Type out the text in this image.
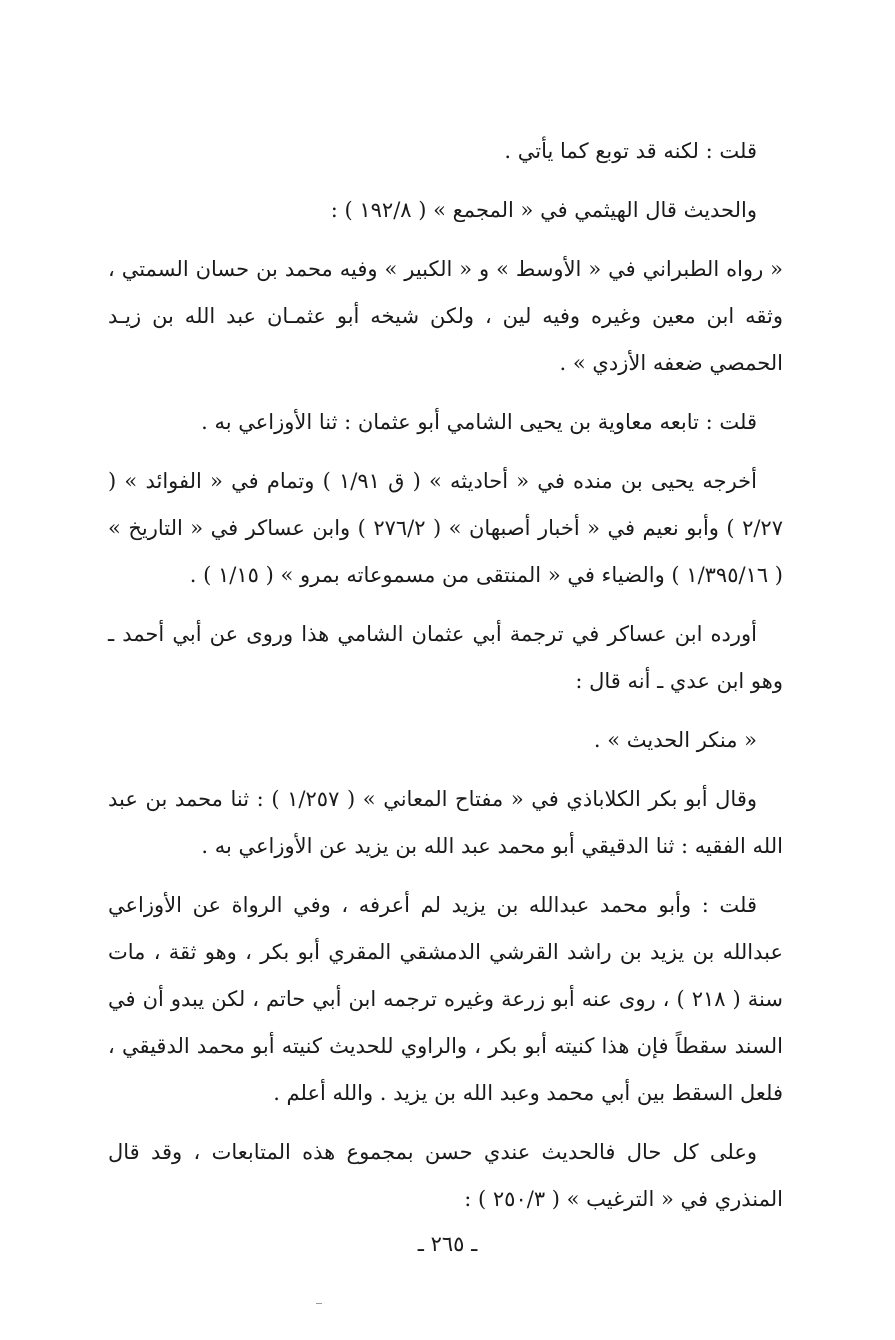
قلت : لكنه قد توبع كما يأتي .

والحديث قال الهيثمي في « المجمع » ( ١٩٢/٨ ) :

« رواه الطبراني في « الأوسط » و « الكبير » وفيه محمد بن حسان السمتي ، وثقه ابن معين وغيره وفيه لين ، ولكن شيخه أبو عثمـان عبد الله بن زيـد الحمصي ضعفه الأزدي » .

قلت : تابعه معاوية بن يحيى الشامي أبو عثمان : ثنا الأوزاعي به .

أخرجه يحيى بن منده في « أحاديثه » ( ق ١/٩١ ) وتمام في « الفوائد » ( ٢/٢٧ ) وأبو نعيم في « أخبار أصبهان » ( ٢٧٦/٢ ) وابن عساكر في « التاريخ » ( ١/٣٩٥/١٦ ) والضياء في « المنتقى من مسموعاته بمرو » ( ١/١٥ ) .

أورده ابن عساكر في ترجمة أبي عثمان الشامي هذا وروى عن أبي أحمد ـ وهو ابن عدي ـ أنه قال :

« منكر الحديث » .

وقال أبو بكر الكلاباذي في « مفتاح المعاني » ( ١/٢٥٧ ) : ثنا محمد بن عبد الله الفقيه : ثنا الدقيقي أبو محمد عبد الله بن يزيد عن الأوزاعي به .

قلت : وأبو محمد عبدالله بن يزيد لم أعرفه ، وفي الرواة عن الأوزاعي عبدالله بن يزيد بن راشد القرشي الدمشقي المقري أبو بكر ، وهو ثقة ، مات سنة ( ٢١٨ ) ، روى عنه أبو زرعة وغيره ترجمه ابن أبي حاتم ، لكن يبدو أن في السند سقطاً فإن هذا كنيته أبو بكر ، والراوي للحديث كنيته أبو محمد الدقيقي ، فلعل السقط بين أبي محمد وعبد الله بن يزيد . والله أعلم .

وعلى كل حال فالحديث عندي حسن بمجموع هذه المتابعات ، وقد قال المنذري في « الترغيب » ( ٢٥٠/٣ ) :

ـ ٢٦٥ ـ
